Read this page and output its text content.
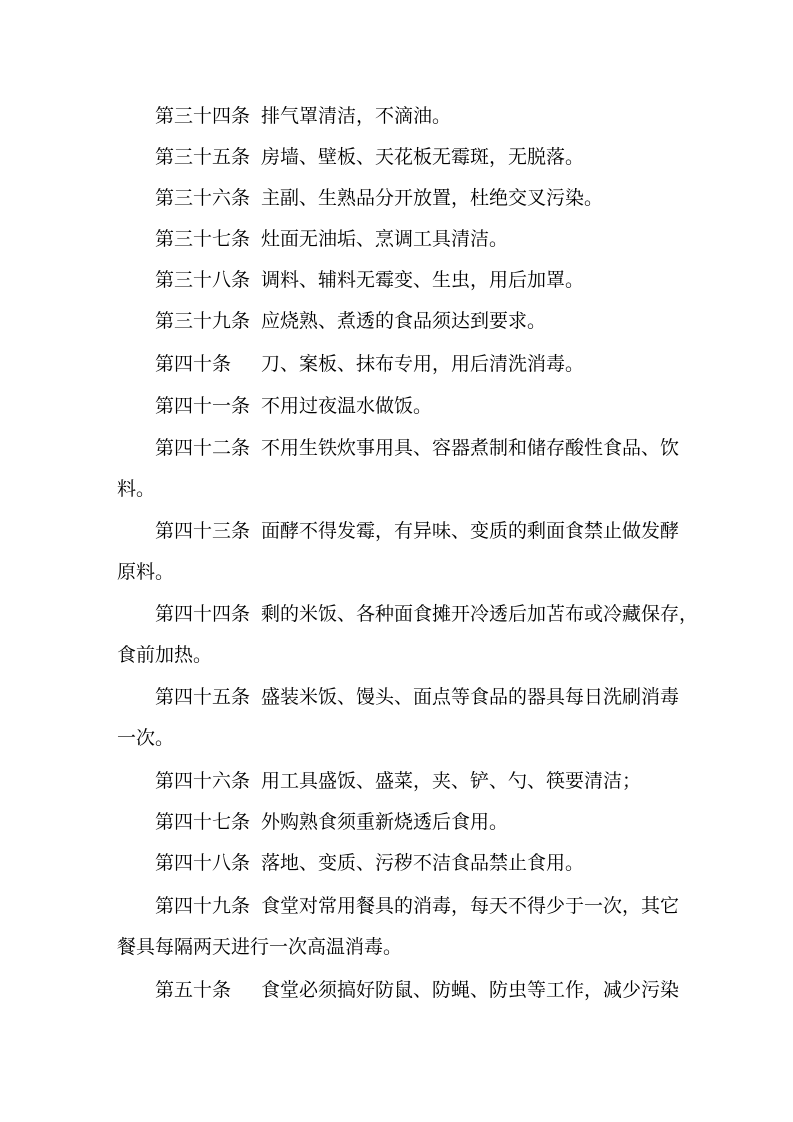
第三十四条 排气罩清洁，不滴油。
第三十五条 房墙、壁板、天花板无霉斑，无脱落。
第三十六条 主副、生熟品分开放置，杜绝交叉污染。
第三十七条 灶面无油垢、烹调工具清洁。
第三十八条 调料、辅料无霉变、生虫，用后加罩。
第三十九条 应烧熟、煮透的食品须达到要求。
第四十条 刀、案板、抹布专用，用后清洗消毒。
第四十一条 不用过夜温水做饭。
第四十二条 不用生铁炊事用具、容器煮制和储存酸性食品、饮
料。
第四十三条 面酵不得发霉，有异味、变质的剩面食禁止做发酵
原料。
第四十四条 剩的米饭、各种面食摊开冷透后加苫布或冷藏保存，
食前加热。
第四十五条 盛装米饭、馒头、面点等食品的器具每日洗刷消毒
一次。
第四十六条 用工具盛饭、盛菜，夹、铲、勺、筷要清洁；
第四十七条 外购熟食须重新烧透后食用。
第四十八条 落地、变质、污秽不洁食品禁止食用。
第四十九条 食堂对常用餐具的消毒，每天不得少于一次，其它
餐具每隔两天进行一次高温消毒。
第五十条 食堂必须搞好防鼠、防蝇、防虫等工作，减少污染
